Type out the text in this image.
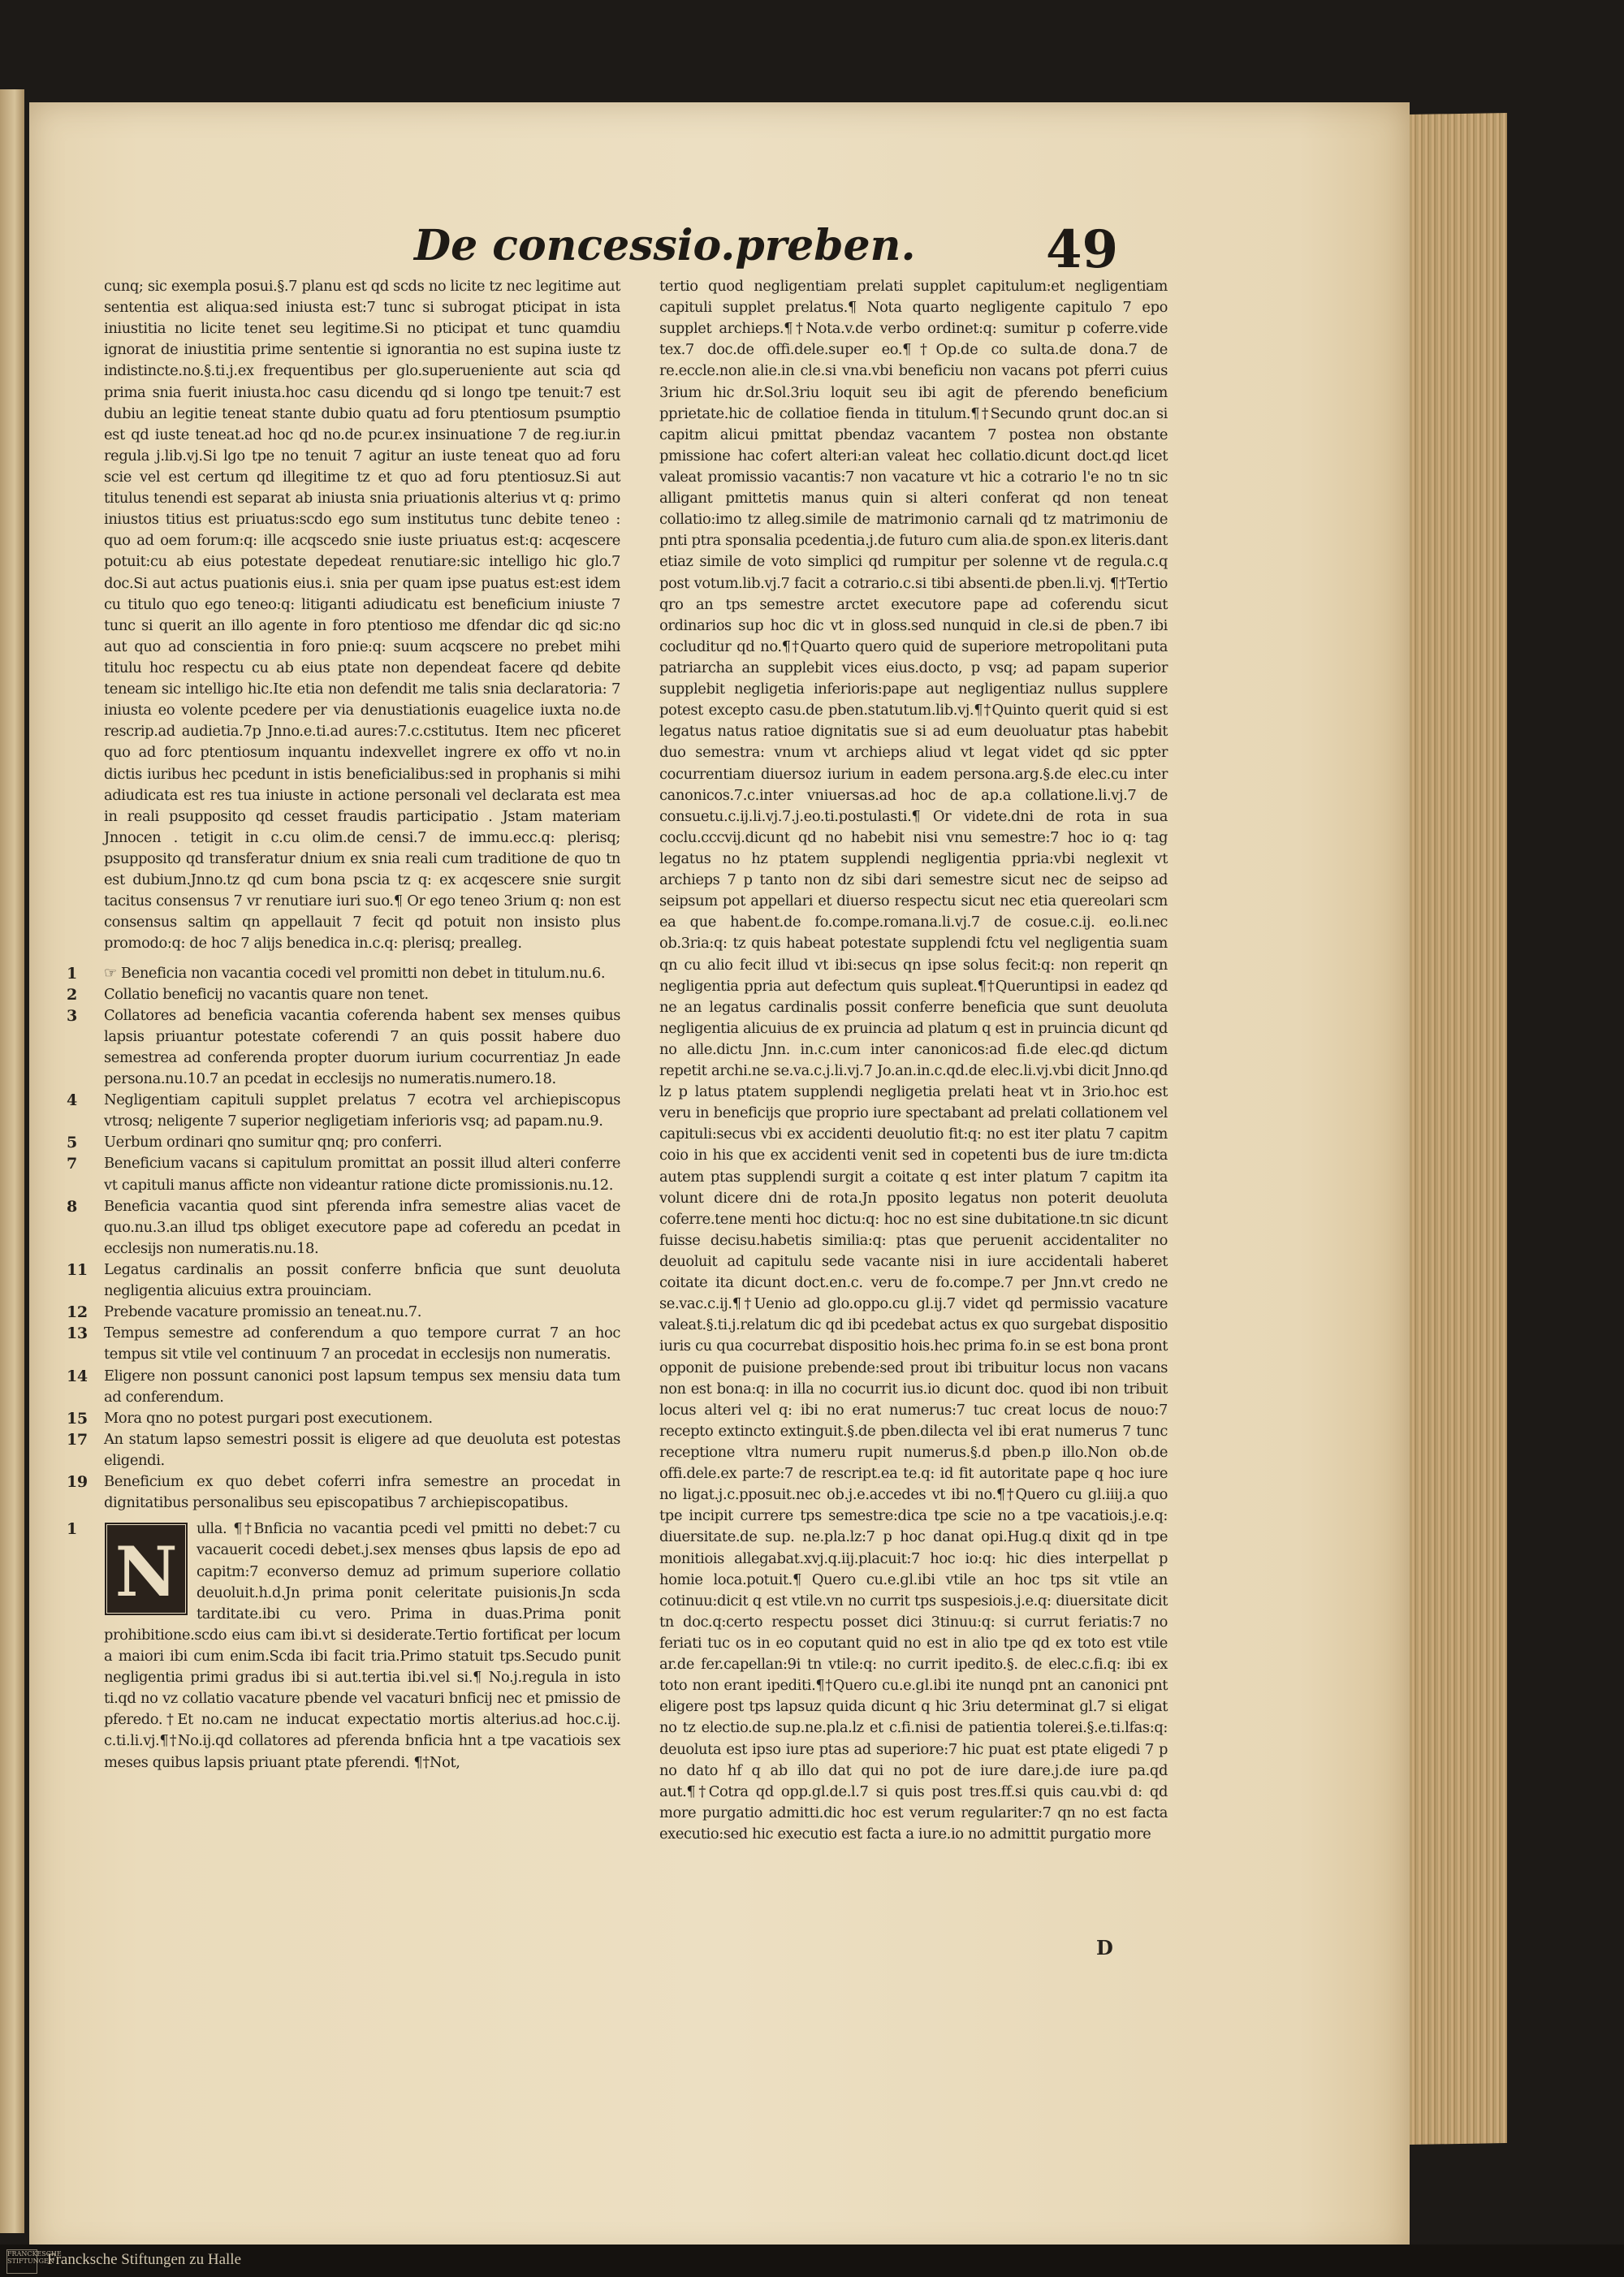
De concessio.preben.	49

cunq; sic exempla posui.§.7 planu est qd scds no licite tz nec legitime aut sententia est aliqua:sed iniusta est:7 tunc si subrogat pticipat in ista iniustitia no licite tenet seu legitime.Si no pticipat et tunc quamdiu ignorat de iniustitia prime sententie si ignorantia no est supina iuste tz indistincte.no.§.ti.j.ex frequentibus per glo.superueniente aut scia qd prima snia fuerit iniusta.hoc casu dicendu qd si longo tpe tenuit:7 est dubiu an legitie teneat stante dubio quatu ad foru ptentiosum psumptio est qd iuste teneat.ad hoc qd no.de pcur.ex insinuatione 7 de reg.iur.in regula j.lib.vj.Si lgo tpe no tenuit 7 agitur an iuste teneat quo ad foru scie vel est certum qd illegitime tz et quo ad foru ptentiosuz.Si aut titulus tenendi est separat ab iniusta snia priuationis alterius vt q: primo iniustos titius est priuatus:scdo ego sum institutus tunc debite teneo : quo ad oem forum:q: ille acqscedo snie iuste priuatus est:q: acqescere potuit:cu ab eius potestate depedeat renutiare:sic intelligo hic glo.7 doc.Si aut actus puationis eius.i. snia per quam ipse puatus est:est idem cu titulo quo ego teneo:q: litiganti adiudicatu est beneficium iniuste 7 tunc si querit an illo agente in foro ptentioso me dfendar dic qd sic:no aut quo ad conscientia in foro pnie:q: suum acqscere no prebet mihi titulu hoc respectu cu ab eius ptate non dependeat facere qd debite teneam sic intelligo hic.Ite etia non defendit me talis snia declaratoria: 7 iniusta eo volente pcedere per via denustiationis euagelice iuxta no.de rescrip.ad audietia.7p Jnno.e.ti.ad aures:7.c.cstitutus. Item nec pficeret quo ad forc ptentiosum inquantu indexvellet ingrere ex offo vt no.in dictis iuribus hec pcedunt in istis beneficialibus:sed in prophanis si mihi adiudicata est res tua iniuste in actione personali vel declarata est mea in reali psupposito qd cesset fraudis participatio . Jstam materiam Jnnocen . tetigit in c.cu olim.de censi.7 de immu.ecc.q: plerisq; psupposito qd transferatur dnium ex snia reali cum traditione de quo tn est dubium.Jnno.tz qd cum bona pscia tz q: ex acqescere snie surgit tacitus consensus 7 vr renutiare iuri suo.¶ Or ego teneo 3rium q: non est consensus saltim qn appellauit 7 fecit qd potuit non insisto plus promodo:q: de hoc 7 alijs benedica in.c.q: plerisq; prealleg.

1 ☞ Beneficia non vacantia cocedi vel promitti non debet in titulum.nu.6.
2 Collatio beneficij no vacantis quare non tenet.
3 Collatores ad beneficia vacantia coferenda habent sex menses quibus lapsis priuantur potestate coferendi 7 an quis possit habere duo semestrea ad conferenda propter duorum iurium cocurrentiaz Jn eade persona.nu.10.7 an pcedat in ecclesijs no numeratis.numero.18.
4 Negligentiam capituli supplet prelatus 7 ecotra vel archiepiscopus vtrosq; neligente 7 superior negligetiam inferioris vsq; ad papam.nu.9.
5 Uerbum ordinari qno sumitur qnq; pro conferri.
7 Beneficium vacans si capitulum promittat an possit illud alteri conferre vt capituli manus afficte non videantur ratione dicte promissionis.nu.12.
8 Beneficia vacantia quod sint pferenda infra semestre alias vacet de quo.nu.3.an illud tps obliget executore pape ad coferedu an pcedat in ecclesijs non numeratis.nu.18.
11 Legatus cardinalis an possit conferre bnficia que sunt deuoluta negligentia alicuius extra prouinciam.
12 Prebende vacature promissio an teneat.nu.7.
13 Tempus semestre ad conferendum a quo tempore currat 7 an hoc tempus sit vtile vel continuum 7 an procedat in ecclesijs non numeratis.
14 Eligere non possunt canonici post lapsum tempus sex mensiu data tum ad conferendum.
15 Mora qno no potest purgari post executionem.
17 An statum lapso semestri possit is eligere ad que deuoluta est potestas eligendi.
19 Beneficium ex quo debet coferri infra semestre an procedat in dignitatibus personalibus seu episcopatibus 7 archiepiscopatibus.
1
N
ulla. ¶†Bnficia no vacantia pcedi vel pmitti no debet:7 cu vacauerit cocedi debet.j.sex menses qbus lapsis de epo ad capitm:7 econverso demuz ad primum superiore collatio deuoluit.h.d.Jn prima ponit celeritate puisionis.Jn scda tarditate.ibi cu vero. Prima in duas.Prima ponit prohibitione.scdo eius cam ibi.vt si desiderate.Tertio fortificat per locum a maiori ibi cum enim.Scda ibi facit tria.Primo statuit tps.Secudo punit negligentia primi gradus ibi si aut.tertia ibi.vel si.¶ No.j.regula in isto ti.qd no vz collatio vacature pbende vel vacaturi bnficij nec et pmissio de pferedo.†Et no.cam ne inducat expectatio mortis alterius.ad hoc.c.ij. c.ti.li.vj.¶†No.ij.qd collatores ad pferenda bnficia hnt a tpe vacatiois sex meses quibus lapsis priuant ptate pferendi. ¶†Not,
tertio quod negligentiam prelati supplet capitulum:et negligentiam capituli supplet prelatus.¶ Nota quarto negligente capitulo 7 epo supplet archieps.¶†Nota.v.de verbo ordinet:q: sumitur p coferre.vide tex.7 doc.de offi.dele.super eo.¶†Op.de co sulta.de dona.7 de re.eccle.non alie.in cle.si vna.vbi beneficiu non vacans pot pferri cuius 3rium hic dr.Sol.3riu loquit seu ibi agit de pferendo beneficium pprietate.hic de collatioe fienda in titulum.¶†Secundo qrunt doc.an si capitm alicui pmittat pbendaz vacantem 7 postea non obstante pmissione hac cofert alteri:an valeat hec collatio.dicunt doct.qd licet valeat promissio vacantis:7 non vacature vt hic a cotrario l'e no tn sic alligant pmittetis manus quin si alteri conferat qd non teneat collatio:imo tz alleg.simile de matrimonio carnali qd tz matrimoniu de pnti ptra sponsalia pcedentia.j.de futuro cum alia.de spon.ex literis.dant etiaz simile de voto simplici qd rumpitur per solenne vt de regula.c.q post votum.lib.vj.7 facit a cotrario.c.si tibi absenti.de pben.li.vj. ¶†Tertio qro an tps semestre arctet executore pape ad coferendu sicut ordinarios sup hoc dic vt in gloss.sed nunquid in cle.si de pben.7 ibi cocluditur qd no.¶†Quarto quero quid de superiore metropolitani puta patriarcha an supplebit vices eius.docto, p vsq; ad papam superior supplebit negligetia inferioris:pape aut negligentiaz nullus supplere potest excepto casu.de pben.statutum.lib.vj.¶†Quinto querit quid si est legatus natus ratioe dignitatis sue si ad eum deuoluatur ptas habebit duo semestra: vnum vt archieps aliud vt legat videt qd sic ppter cocurrentiam diuersoz iurium in eadem persona.arg.§.de elec.cu inter canonicos.7.c.inter vniuersas.ad hoc de ap.a collatione.li.vj.7 de consuetu.c.ij.li.vj.7.j.eo.ti.postulasti.¶ Or videte.dni de rota in sua coclu.cccvij.dicunt qd no habebit nisi vnu semestre:7 hoc io q: tag legatus no hz ptatem supplendi negligentia ppria:vbi neglexit vt archieps 7 p tanto non dz sibi dari semestre sicut nec de seipso ad seipsum pot appellari et diuerso respectu sicut nec etia quereolari scm ea que habent.de fo.compe.romana.li.vj.7 de cosue.c.ij. eo.li.nec ob.3ria:q: tz quis habeat potestate supplendi fctu vel negligentia suam qn cu alio fecit illud vt ibi:secus qn ipse solus fecit:q: non reperit qn negligentia ppria aut defectum quis supleat.¶†Queruntipsi in eadez qd ne an legatus cardinalis possit conferre beneficia que sunt deuoluta negligentia alicuius de ex pruincia ad platum q est in pruincia dicunt qd no alle.dictu Jnn. in.c.cum inter canonicos:ad fi.de elec.qd dictum repetit archi.ne se.va.c.j.li.vj.7 Jo.an.in.c.qd.de elec.li.vj.vbi dicit Jnno.qd lz p latus ptatem supplendi negligetia prelati heat vt in 3rio.hoc est veru in beneficijs que proprio iure spectabant ad prelati collationem vel capituli:secus vbi ex accidenti deuolutio fit:q: no est iter platu 7 capitm coio in his que ex accidenti venit sed in copetenti bus de iure tm:dicta autem ptas supplendi surgit a coitate q est inter platum 7 capitm ita volunt dicere dni de rota.Jn pposito legatus non poterit deuoluta coferre.tene menti hoc dictu:q: hoc no est sine dubitatione.tn sic dicunt fuisse decisu.habetis similia:q: ptas que peruenit accidentaliter no deuoluit ad capitulu sede vacante nisi in iure accidentali haberet coitate ita dicunt doct.en.c. veru de fo.compe.7 per Jnn.vt credo ne se.vac.c.ij.¶†Uenio ad glo.oppo.cu gl.ij.7 videt qd permissio vacature valeat.§.ti.j.relatum dic qd ibi pcedebat actus ex quo surgebat dispositio iuris cu qua cocurrebat dispositio hois.hec prima fo.in se est bona pront opponit de puisione prebende:sed prout ibi tribuitur locus non vacans non est bona:q: in illa no cocurrit ius.io dicunt doc. quod ibi non tribuit locus alteri vel q: ibi no erat numerus:7 tuc creat locus de nouo:7 recepto extincto extinguit.§.de pben.dilecta vel ibi erat numerus 7 tunc receptione vltra numeru rupit numerus.§.d pben.p illo.Non ob.de offi.dele.ex parte:7 de rescript.ea te.q: id fit autoritate pape q hoc iure no ligat.j.c.pposuit.nec ob.j.e.accedes vt ibi no.¶†Quero cu gl.iiij.a quo tpe incipit currere tps semestre:dica tpe scie no a tpe vacatiois.j.e.q: diuersitate.de sup. ne.pla.lz:7 p hoc danat opi.Hug.q dixit qd in tpe monitiois allegabat.xvj.q.iij.placuit:7 hoc io:q: hic dies interpellat p homie loca.potuit.¶ Quero cu.e.gl.ibi vtile an hoc tps sit vtile an cotinuu:dicit q est vtile.vn no currit tps suspesiois.j.e.q: diuersitate dicit tn doc.q:certo respectu posset dici 3tinuu:q: si currut feriatis:7 no feriati tuc os in eo coputant quid no est in alio tpe qd ex toto est vtile ar.de fer.capellan:9i tn vtile:q: no currit ipedito.§. de elec.c.fi.q: ibi ex toto non erant ipediti.¶†Quero cu.e.gl.ibi ite nunqd pnt an canonici pnt eligere post tps lapsuz quida dicunt q hic 3riu determinat gl.7 si eligat no tz electio.de sup.ne.pla.lz et c.fi.nisi de patientia tolerei.§.e.ti.lfas:q: deuoluta est ipso iure ptas ad superiore:7 hic puat est ptate eligedi 7 p no dato hf q ab illo dat qui no pot de iure dare.j.de iure pa.qd aut.¶†Cotra qd opp.gl.de.l.7 si quis post tres.ff.si quis cau.vbi d: qd more purgatio admitti.dic hoc est verum regulariter:7 qn no est facta executio:sed hic executio est facta a iure.io no admittit purgatio more
D
FRANCKESCHE STIFTUNGEN
Francksche Stiftungen zu Halle
